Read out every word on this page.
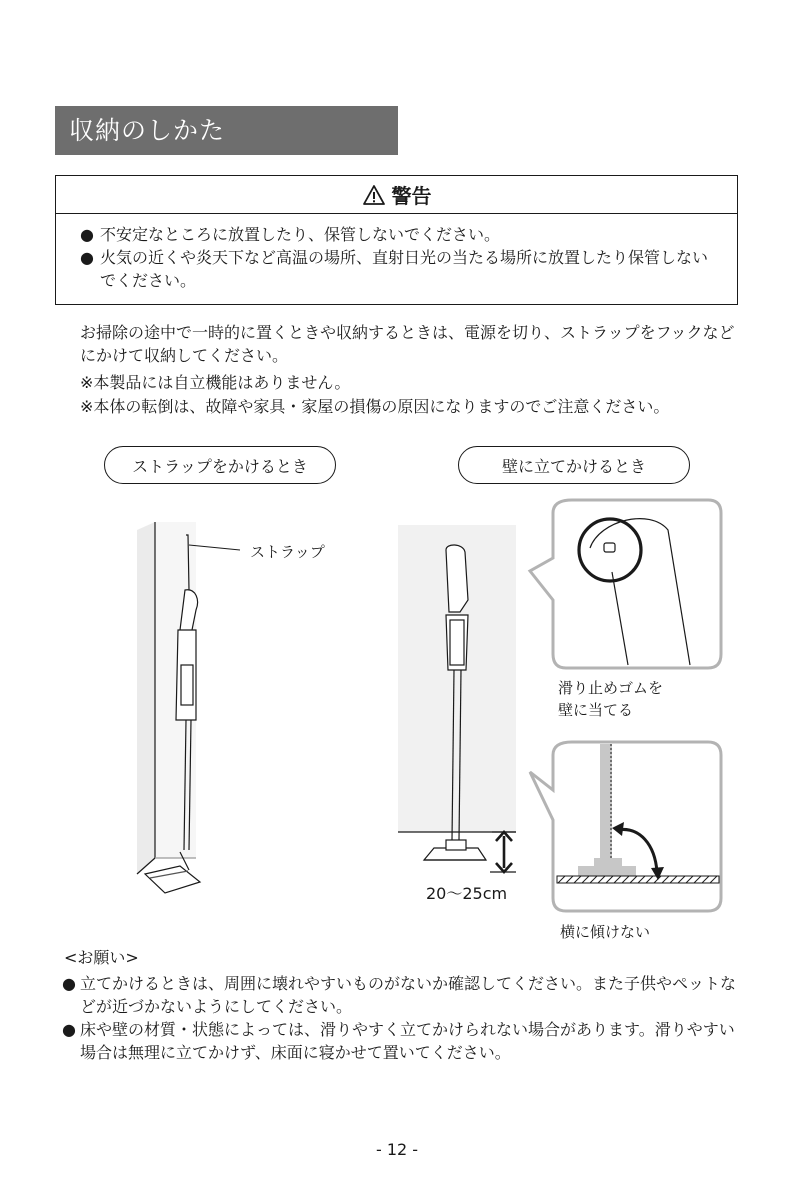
収納のしかた
警告
● 不安定なところに放置したり、保管しないでください。
● 火気の近くや炎天下など高温の場所、直射日光の当たる場所に放置したり保管しないでください。
お掃除の途中で一時的に置くときや収納するときは、電源を切り、ストラップをフックなどにかけて収納してください。
※本製品には自立機能はありません。
※本体の転倒は、故障や家具・家屋の損傷の原因になりますのでご注意ください。
ストラップをかけるとき	壁に立てかけるとき
ストラップ
20〜25cm
滑り止めゴムを
壁に当てる
横に傾けない
<お願い>
● 立てかけるときは、周囲に壊れやすいものがないか確認してください。また子供やペットなどが近づかないようにしてください。
● 床や壁の材質・状態によっては、滑りやすく立てかけられない場合があります。滑りやすい場合は無理に立てかけず、床面に寝かせて置いてください。
- 12 -
